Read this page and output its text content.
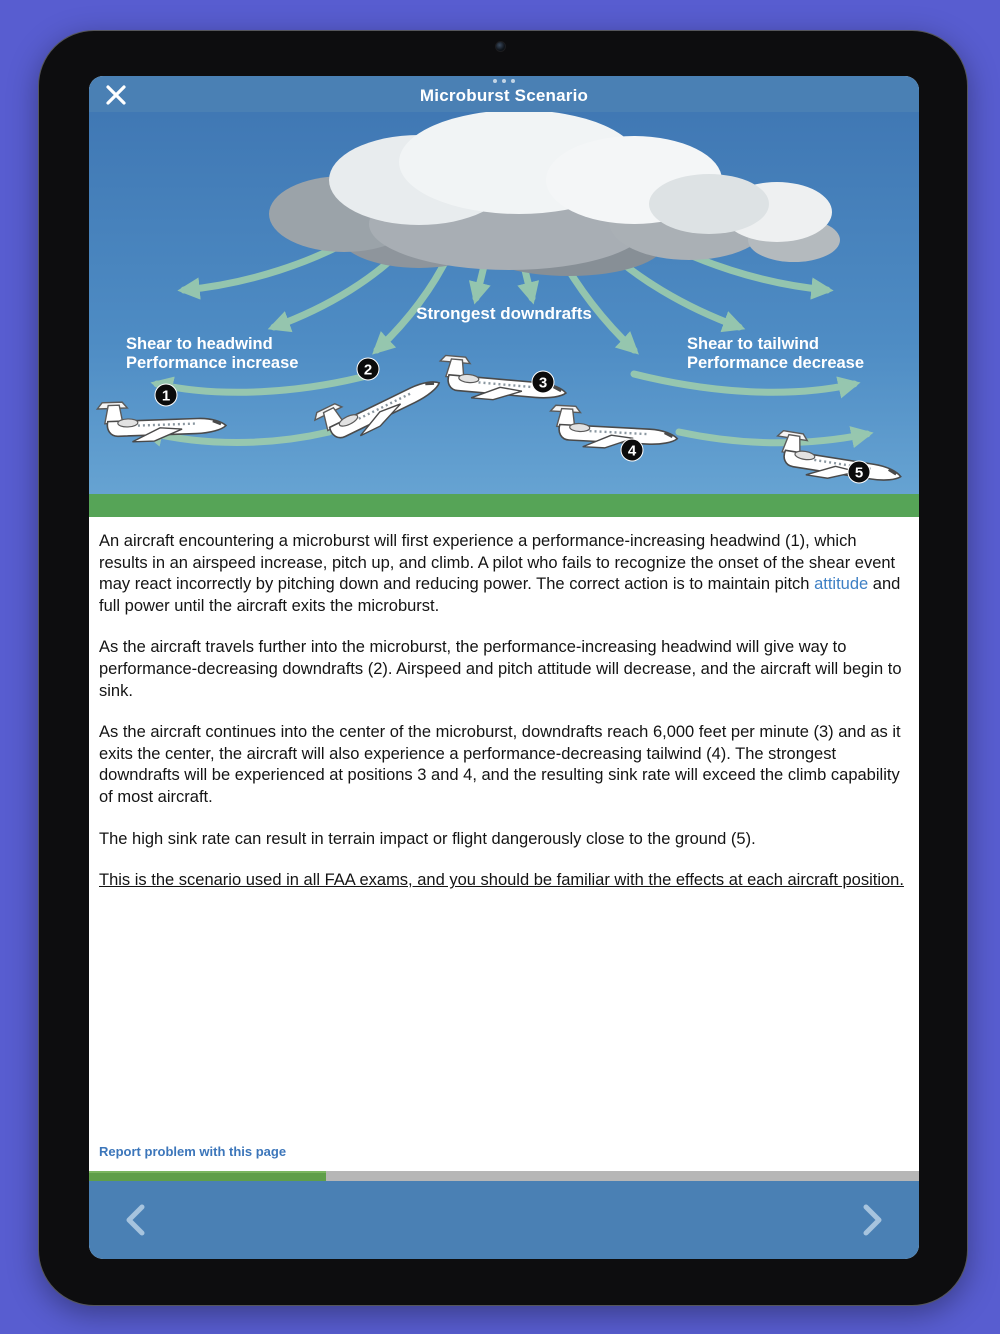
Microburst Scenario
Strongest downdrafts
Shear to headwind
Performance increase
Shear to tailwind
Performance decrease
1
2
3
4
5

An aircraft encountering a microburst will first experience a performance-increasing headwind (1), which results in an airspeed increase, pitch up, and climb. A pilot who fails to recognize the onset of the shear event may react incorrectly by pitching down and reducing power. The correct action is to maintain pitch attitude and full power until the aircraft exits the microburst.

As the aircraft travels further into the microburst, the performance-increasing headwind will give way to performance-decreasing downdrafts (2). Airspeed and pitch attitude will decrease, and the aircraft will begin to sink.

As the aircraft continues into the center of the microburst, downdrafts reach 6,000 feet per minute (3) and as it exits the center, the aircraft will also experience a performance-decreasing tailwind (4). The strongest downdrafts will be experienced at positions 3 and 4, and the resulting sink rate will exceed the climb capability of most aircraft.

The high sink rate can result in terrain impact or flight dangerously close to the ground (5).

This is the scenario used in all FAA exams, and you should be familiar with the effects at each aircraft position.

Report problem with this page
